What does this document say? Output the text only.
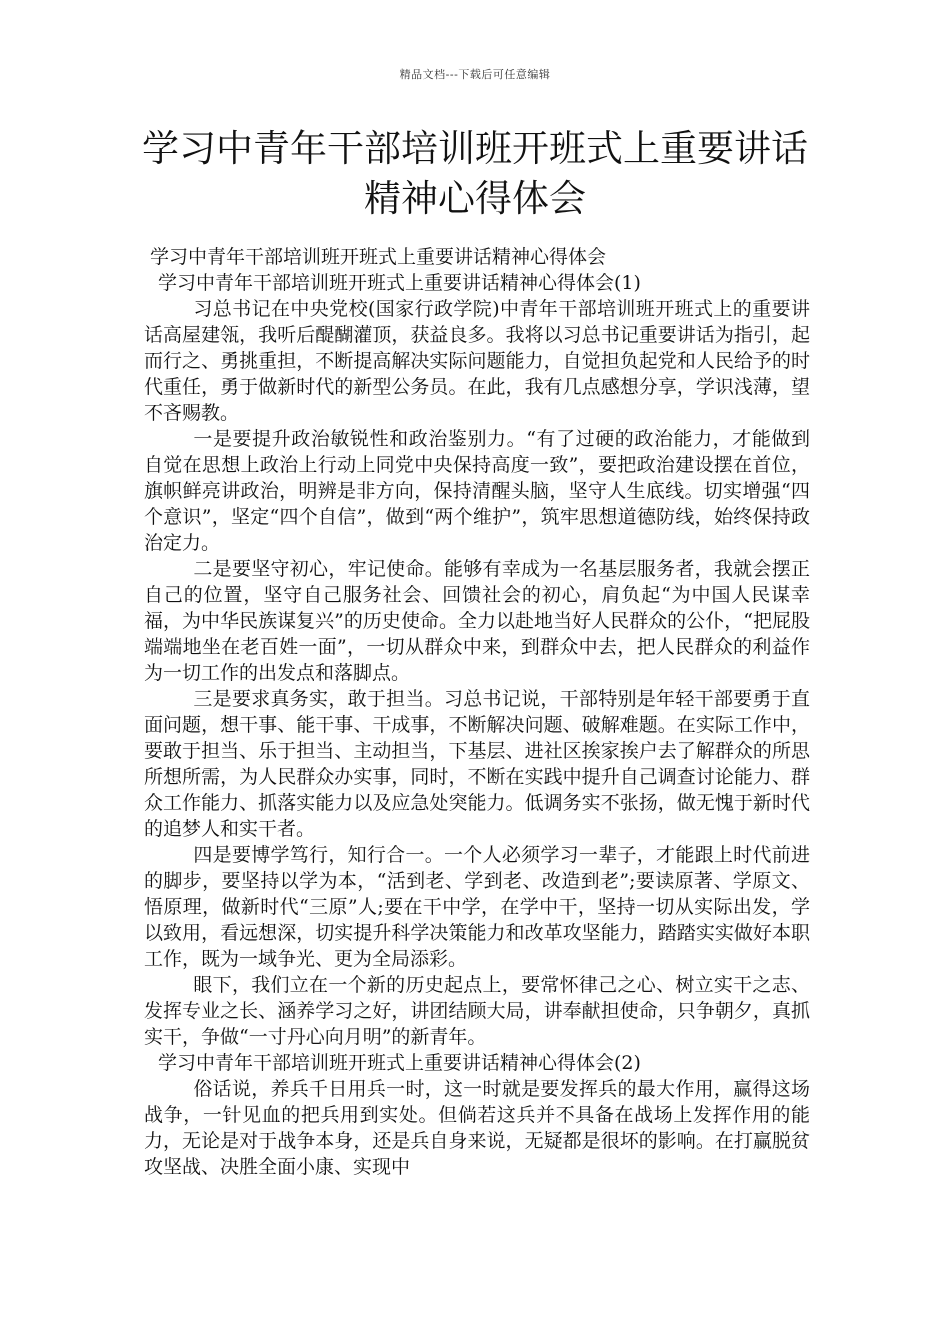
精品文档---下载后可任意编辑
学习中青年干部培训班开班式上重要讲话
精神心得体会

学习中青年干部培训班开班式上重要讲话精神心得体会

学习中青年干部培训班开班式上重要讲话精神心得体会(1)

习总书记在中央党校(国家行政学院)中青年干部培训班开班式上的重要讲话高屋建瓴，我听后醍醐灌顶，获益良多。我将以习总书记重要讲话为指引，起而行之、勇挑重担，不断提高解决实际问题能力，自觉担负起党和人民给予的时代重任，勇于做新时代的新型公务员。在此，我有几点感想分享，学识浅薄，望不吝赐教。

一是要提升政治敏锐性和政治鉴别力。“有了过硬的政治能力，才能做到自觉在思想上政治上行动上同党中央保持高度一致”，要把政治建设摆在首位，旗帜鲜亮讲政治，明辨是非方向，保持清醒头脑，坚守人生底线。切实增强“四个意识”，坚定“四个自信”，做到“两个维护”，筑牢思想道德防线，始终保持政治定力。

二是要坚守初心，牢记使命。能够有幸成为一名基层服务者，我就会摆正自己的位置，坚守自己服务社会、回馈社会的初心，肩负起“为中国人民谋幸福，为中华民族谋复兴”的历史使命。全力以赴地当好人民群众的公仆，“把屁股端端地坐在老百姓一面”，一切从群众中来，到群众中去，把人民群众的利益作为一切工作的出发点和落脚点。

三是要求真务实，敢于担当。习总书记说，干部特别是年轻干部要勇于直面问题，想干事、能干事、干成事，不断解决问题、破解难题。在实际工作中，要敢于担当、乐于担当、主动担当，下基层、进社区挨家挨户去了解群众的所思所想所需，为人民群众办实事，同时，不断在实践中提升自己调查讨论能力、群众工作能力、抓落实能力以及应急处突能力。低调务实不张扬，做无愧于新时代的追梦人和实干者。

四是要博学笃行，知行合一。一个人必须学习一辈子，才能跟上时代前进的脚步，要坚持以学为本，“活到老、学到老、改造到老”;要读原著、学原文、悟原理，做新时代“三原”人;要在干中学，在学中干，坚持一切从实际出发，学以致用，看远想深，切实提升科学决策能力和改革攻坚能力，踏踏实实做好本职工作，既为一域争光、更为全局添彩。

眼下，我们立在一个新的历史起点上，要常怀律己之心、树立实干之志、发挥专业之长、涵养学习之好，讲团结顾大局，讲奉献担使命，只争朝夕，真抓实干，争做“一寸丹心向月明”的新青年。

学习中青年干部培训班开班式上重要讲话精神心得体会(2)

俗话说，养兵千日用兵一时，这一时就是要发挥兵的最大作用，赢得这场战争，一针见血的把兵用到实处。但倘若这兵并不具备在战场上发挥作用的能力，无论是对于战争本身，还是兵自身来说，无疑都是很坏的影响。在打赢脱贫攻坚战、决胜全面小康、实现中
